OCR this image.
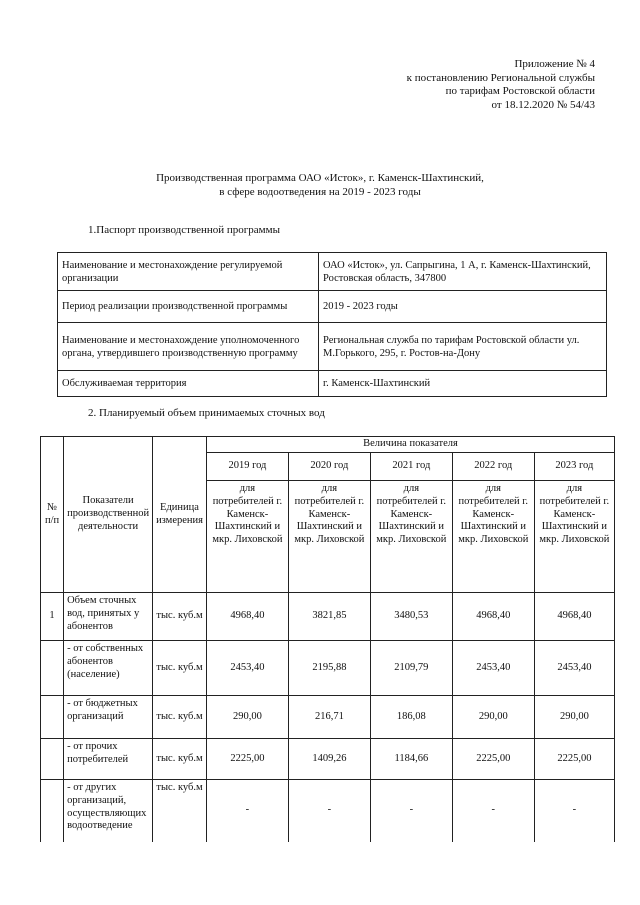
Приложение № 4
к постановлению Региональной службы
по тарифам Ростовской области
от 18.12.2020 № 54/43
Производственная программа ОАО «Исток», г. Каменск-Шахтинский,
в сфере водоотведения на 2019 - 2023 годы
1.Паспорт производственной программы
Наименование и местонахождение регулируемой организации	ОАО «Исток», ул. Сапрыгина, 1 А, г. Каменск-Шахтинский, Ростовская область, 347800
Период реализации производственной программы	2019 - 2023 годы
Наименование и местонахождение уполномоченного органа, утвердившего производственную программу	Региональная служба по тарифам Ростовской области ул. М.Горького, 295, г. Ростов-на-Дону
Обслуживаемая территория	г. Каменск-Шахтинский
2. Планируемый объем принимаемых сточных вод
№ п/п	Показатели производственной деятельности	Единица измерения	Величина показателя				
			2019 год	2020 год	2021 год	2022 год	2023 год
			для потребителей г. Каменск-Шахтинский и мкр. Лиховской	для потребителей г. Каменск-Шахтинский и мкр. Лиховской	для потребителей г. Каменск-Шахтинский и мкр. Лиховской	для потребителей г. Каменск-Шахтинский и мкр. Лиховской	для потребителей г. Каменск-Шахтинский и мкр. Лиховской
1	Объем сточных вод, принятых у абонентов	тыс. куб.м	4968,40	3821,85	3480,53	4968,40	4968,40
	- от собственных абонентов (население)	тыс. куб.м	2453,40	2195,88	2109,79	2453,40	2453,40
	- от бюджетных организаций	тыс. куб.м	290,00	216,71	186,08	290,00	290,00
	- от прочих потребителей	тыс. куб.м	2225,00	1409,26	1184,66	2225,00	2225,00
	- от других организаций, осуществляющих водоотведение	тыс. куб.м	-	-	-	-	-
